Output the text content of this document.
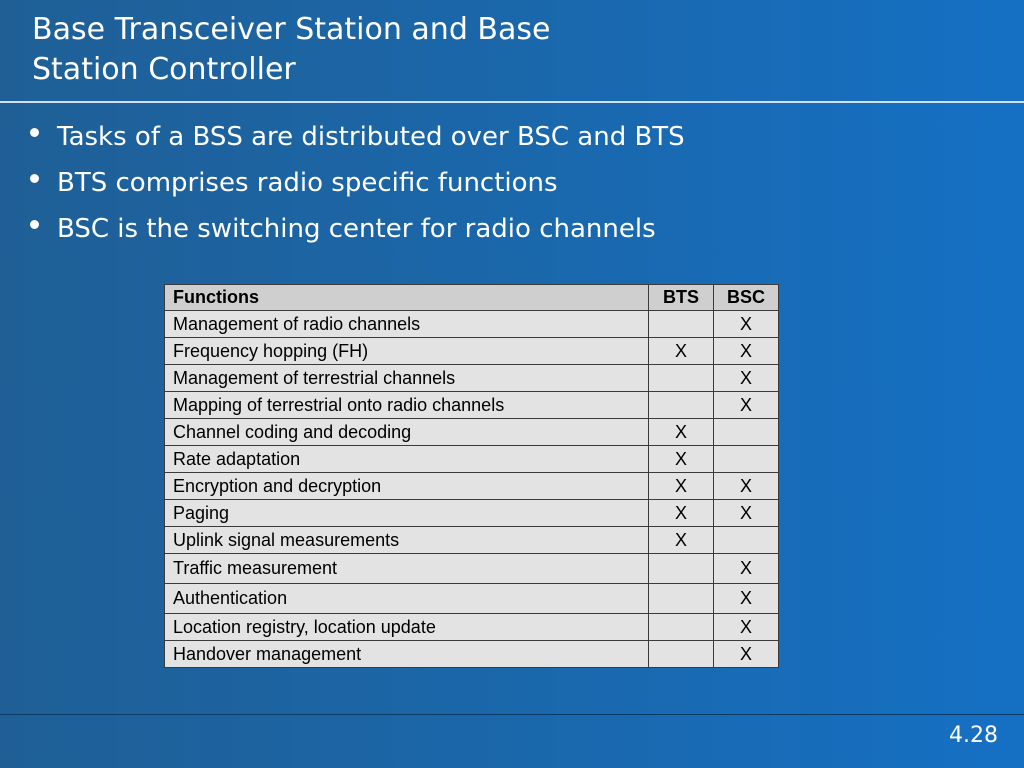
Base Transceiver Station and Base
Station Controller
Tasks of a BSS are distributed over BSC and BTS
BTS comprises radio specific functions
BSC is the switching center for radio channels
Functions	BTS	BSC
Management of radio channels		X
Frequency hopping (FH)	X	X
Management of terrestrial channels		X
Mapping of terrestrial onto radio channels		X
Channel coding and decoding	X	
Rate adaptation	X	
Encryption and decryption	X	X
Paging	X	X
Uplink signal measurements	X	
Traffic measurement		X
Authentication		X
Location registry, location update		X
Handover management		X
4.28
